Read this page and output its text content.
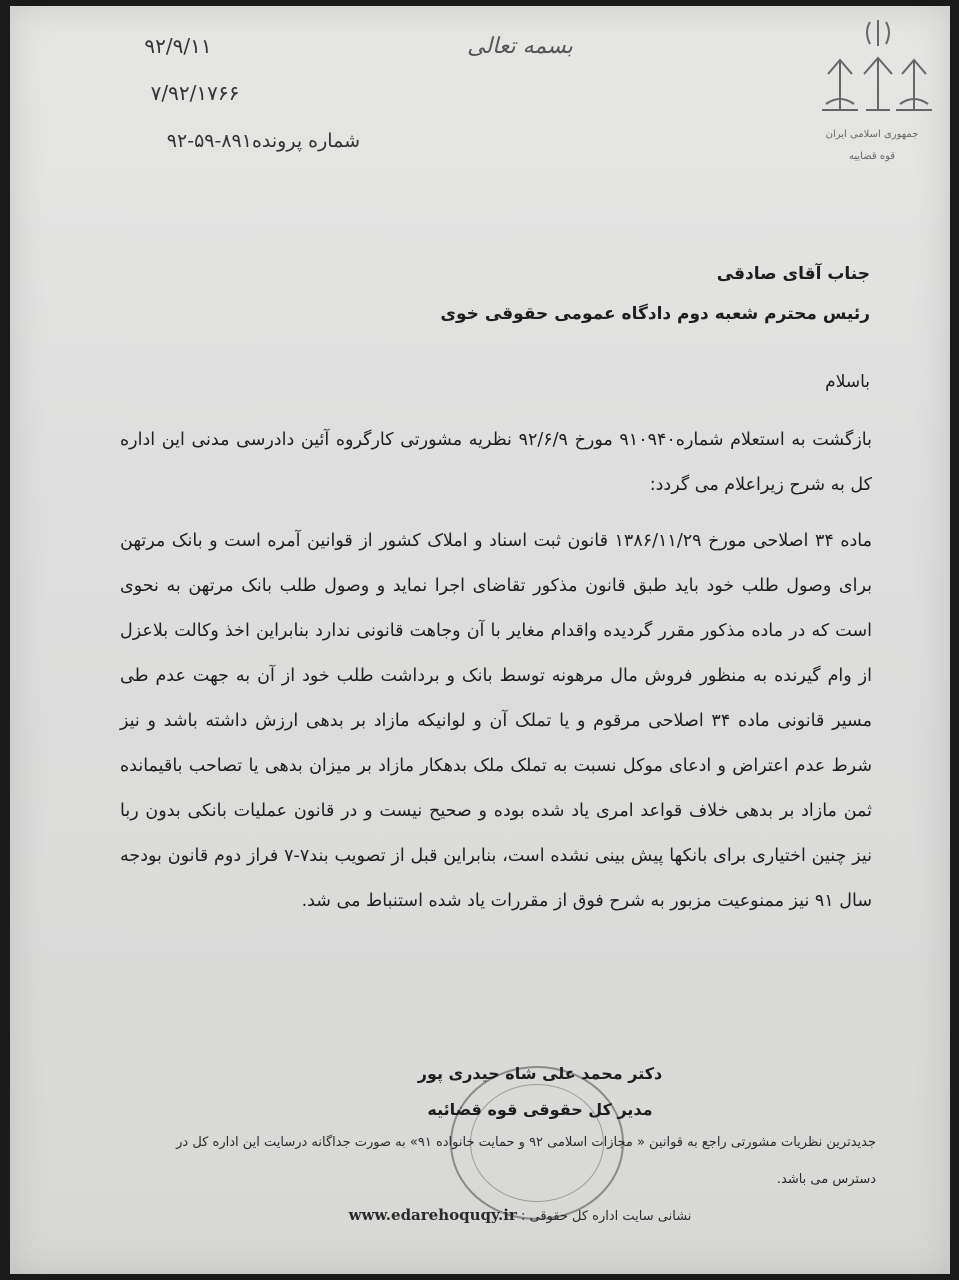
۹۲/۹/۱۱
۷/۹۲/۱۷۶۶
شماره پرونده۸۹۱-۵۹-۹۲
بسمه تعالی
جمهوری اسلامی ایران
قوه قضاییه
جناب آقای صادقی
رئیس محترم شعبه دوم دادگاه عمومی حقوقی خوی
باسلام

بازگشت به استعلام شماره۹۱۰۹۴۰ مورخ ۹۲/۶/۹ نظریه مشورتی کارگروه آئین دادرسی مدنی این اداره کل به شرح زیراعلام می گردد:

ماده ۳۴ اصلاحی مورخ ۱۳۸۶/۱۱/۲۹ قانون ثبت اسناد و املاک کشور از قوانین آمره است و بانک مرتهن برای وصول طلب خود باید طبق قانون مذکور تقاضای اجرا نماید و وصول طلب بانک مرتهن به نحوی است که در ماده مذکور مقرر گردیده واقدام مغایر با آن وجاهت قانونی ندارد بنابراین اخذ وکالت بلاعزل از وام گیرنده به منظور فروش مال مرهونه توسط بانک و برداشت طلب خود از آن به جهت عدم طی مسیر قانونی ماده ۳۴ اصلاحی مرقوم و یا تملک آن و لوانیکه مازاد بر بدهی ارزش داشته باشد و نیز شرط عدم اعتراض و ادعای موکل نسبت به تملک ملک بدهکار مازاد بر میزان بدهی یا تصاحب باقیمانده ثمن مازاد بر بدهی خلاف قواعد امری یاد شده بوده و صحیح نیست و در قانون عملیات بانکی بدون ربا نیز چنین اختیاری برای بانکها پیش بینی نشده است، بنابراین قبل از تصویب بند۷-۷ فراز دوم قانون بودجه سال ۹۱ نیز ممنوعیت مزبور به شرح فوق از مقررات یاد شده استنباط می شد.

دکتر محمد علی شاه حیدری پور
مدیر کل حقوقی قوه قضائیه
جدیدترین نظریات مشورتی راجع به قوانین « مجازات اسلامی ۹۲ و حمایت خانواده ۹۱» به صورت جداگانه درسایت این اداره کل در دسترس می باشد.
نشانی سایت اداره کل حقوقی : www.edarehoquqy.ir
